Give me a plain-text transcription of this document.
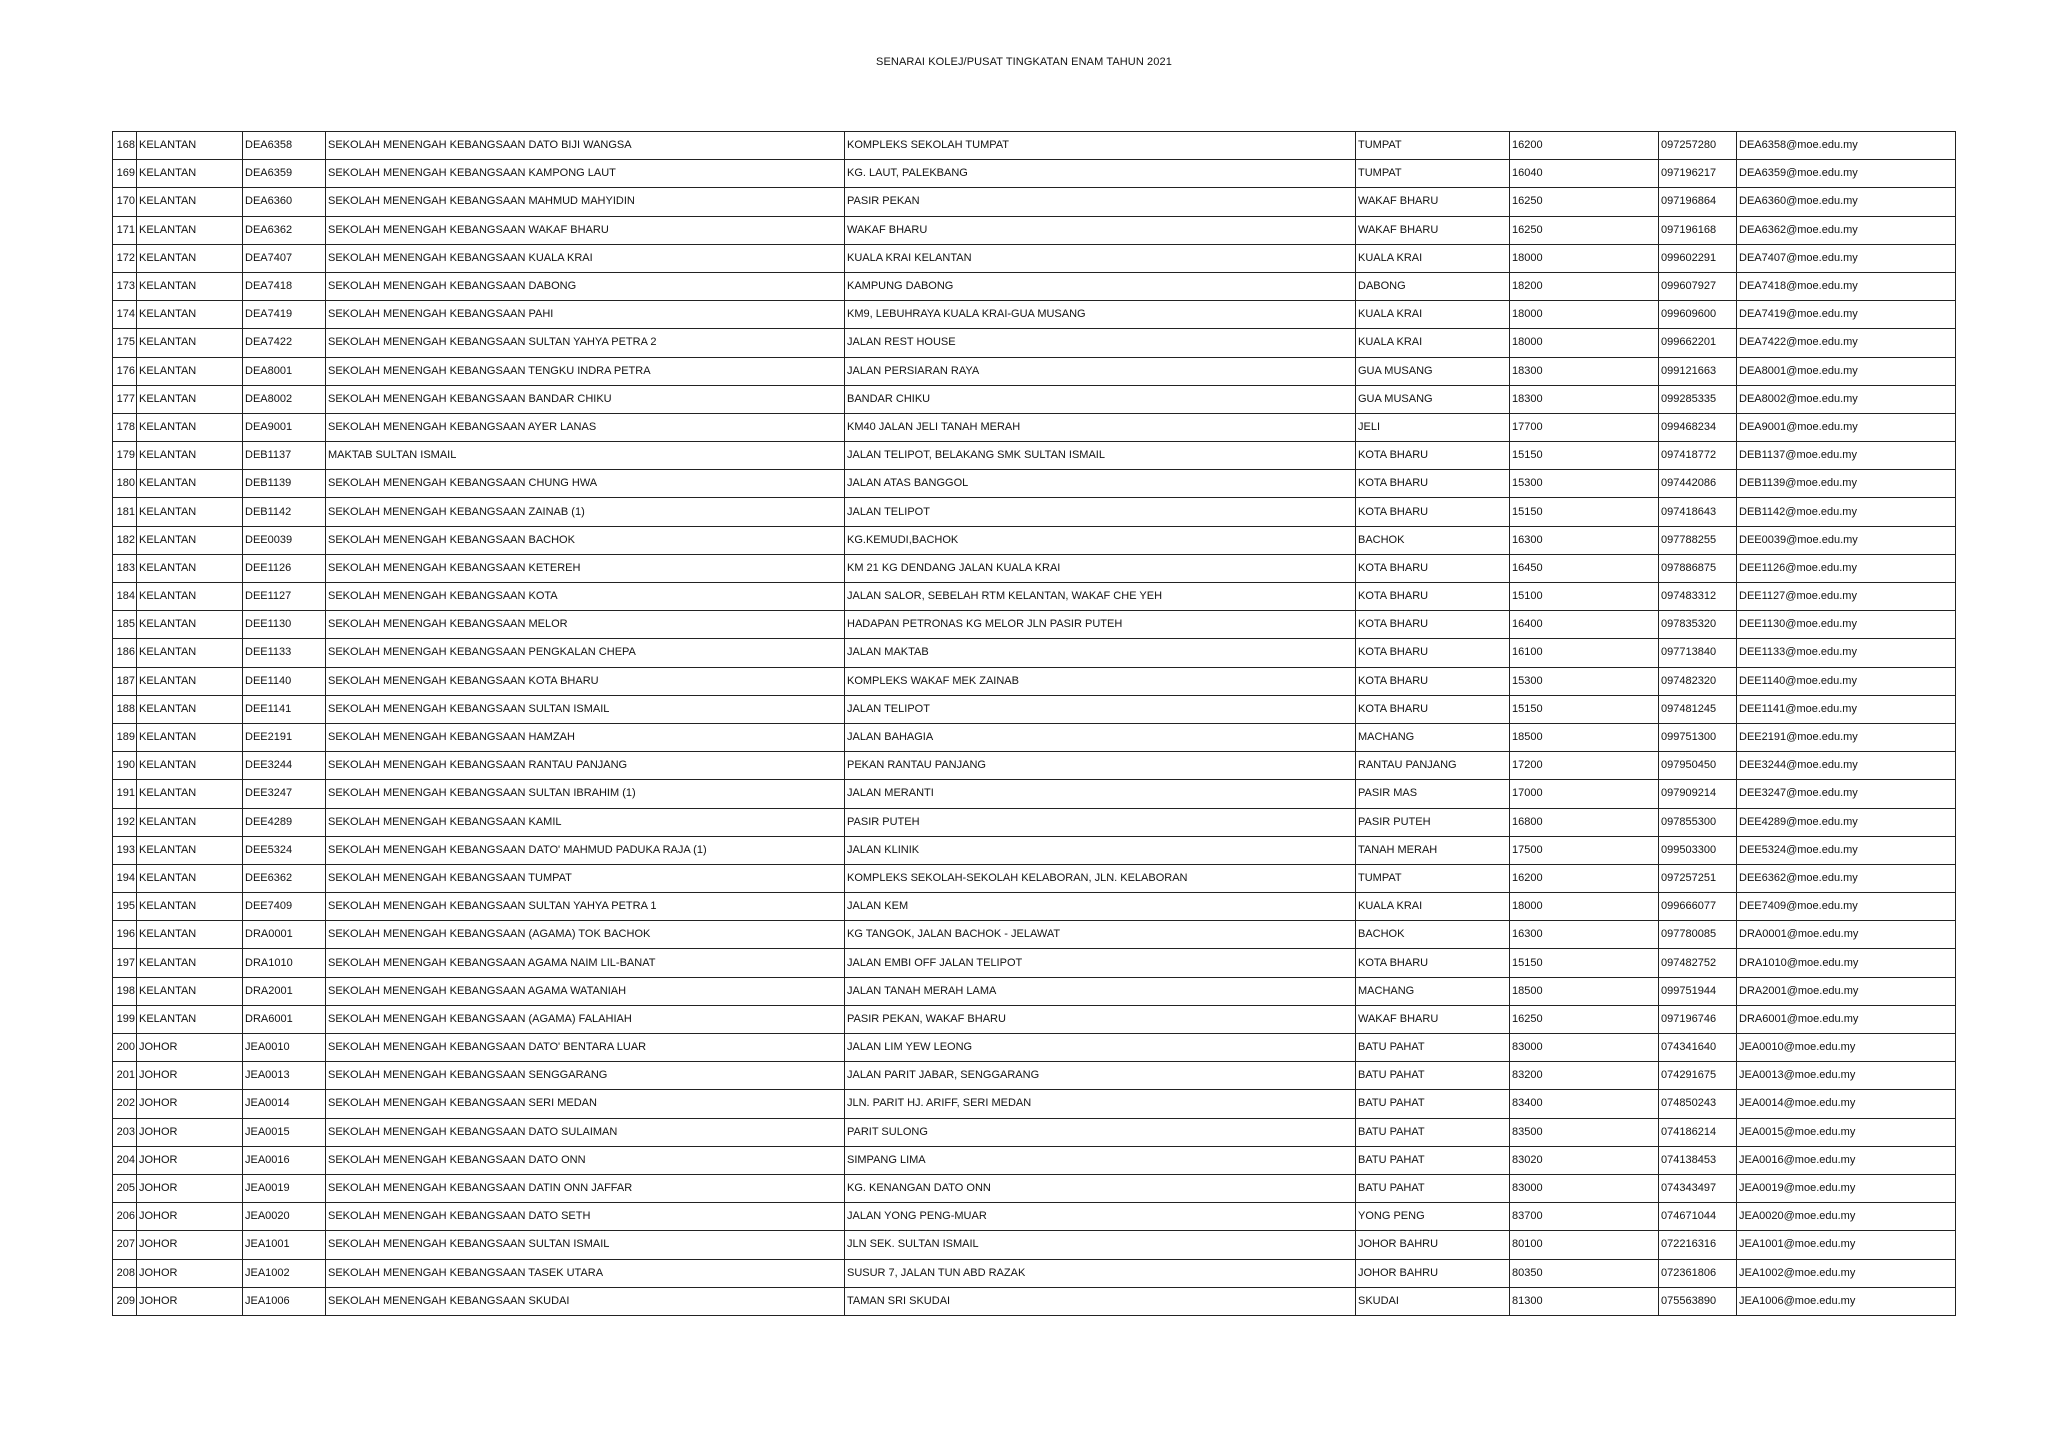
SENARAI KOLEJ/PUSAT TINGKATAN ENAM TAHUN 2021
168	KELANTAN	DEA6358	SEKOLAH MENENGAH KEBANGSAAN DATO BIJI WANGSA	KOMPLEKS SEKOLAH TUMPAT	TUMPAT	16200	097257280	DEA6358@moe.edu.my
169	KELANTAN	DEA6359	SEKOLAH MENENGAH KEBANGSAAN KAMPONG LAUT	KG. LAUT, PALEKBANG	TUMPAT	16040	097196217	DEA6359@moe.edu.my
170	KELANTAN	DEA6360	SEKOLAH MENENGAH KEBANGSAAN MAHMUD MAHYIDIN	PASIR PEKAN	WAKAF BHARU	16250	097196864	DEA6360@moe.edu.my
171	KELANTAN	DEA6362	SEKOLAH MENENGAH KEBANGSAAN WAKAF BHARU	WAKAF BHARU	WAKAF BHARU	16250	097196168	DEA6362@moe.edu.my
172	KELANTAN	DEA7407	SEKOLAH MENENGAH KEBANGSAAN KUALA KRAI	KUALA KRAI KELANTAN	KUALA KRAI	18000	099602291	DEA7407@moe.edu.my
173	KELANTAN	DEA7418	SEKOLAH MENENGAH KEBANGSAAN DABONG	KAMPUNG DABONG	DABONG	18200	099607927	DEA7418@moe.edu.my
174	KELANTAN	DEA7419	SEKOLAH MENENGAH KEBANGSAAN PAHI	KM9, LEBUHRAYA KUALA KRAI-GUA MUSANG	KUALA KRAI	18000	099609600	DEA7419@moe.edu.my
175	KELANTAN	DEA7422	SEKOLAH MENENGAH KEBANGSAAN SULTAN YAHYA PETRA 2	JALAN REST HOUSE	KUALA KRAI	18000	099662201	DEA7422@moe.edu.my
176	KELANTAN	DEA8001	SEKOLAH MENENGAH KEBANGSAAN TENGKU INDRA PETRA	JALAN PERSIARAN RAYA	GUA MUSANG	18300	099121663	DEA8001@moe.edu.my
177	KELANTAN	DEA8002	SEKOLAH MENENGAH KEBANGSAAN BANDAR CHIKU	BANDAR CHIKU	GUA MUSANG	18300	099285335	DEA8002@moe.edu.my
178	KELANTAN	DEA9001	SEKOLAH MENENGAH KEBANGSAAN AYER LANAS	KM40 JALAN JELI TANAH MERAH	JELI	17700	099468234	DEA9001@moe.edu.my
179	KELANTAN	DEB1137	MAKTAB SULTAN ISMAIL	JALAN TELIPOT, BELAKANG SMK SULTAN ISMAIL	KOTA BHARU	15150	097418772	DEB1137@moe.edu.my
180	KELANTAN	DEB1139	SEKOLAH MENENGAH KEBANGSAAN CHUNG HWA	JALAN ATAS BANGGOL	KOTA BHARU	15300	097442086	DEB1139@moe.edu.my
181	KELANTAN	DEB1142	SEKOLAH MENENGAH KEBANGSAAN ZAINAB (1)	JALAN TELIPOT	KOTA BHARU	15150	097418643	DEB1142@moe.edu.my
182	KELANTAN	DEE0039	SEKOLAH MENENGAH KEBANGSAAN BACHOK	KG.KEMUDI,BACHOK	BACHOK	16300	097788255	DEE0039@moe.edu.my
183	KELANTAN	DEE1126	SEKOLAH MENENGAH KEBANGSAAN KETEREH	KM 21 KG DENDANG JALAN KUALA KRAI	KOTA BHARU	16450	097886875	DEE1126@moe.edu.my
184	KELANTAN	DEE1127	SEKOLAH MENENGAH KEBANGSAAN KOTA	JALAN SALOR, SEBELAH RTM KELANTAN, WAKAF CHE YEH	KOTA BHARU	15100	097483312	DEE1127@moe.edu.my
185	KELANTAN	DEE1130	SEKOLAH MENENGAH KEBANGSAAN MELOR	HADAPAN PETRONAS KG MELOR JLN PASIR PUTEH	KOTA BHARU	16400	097835320	DEE1130@moe.edu.my
186	KELANTAN	DEE1133	SEKOLAH MENENGAH KEBANGSAAN PENGKALAN CHEPA	JALAN MAKTAB	KOTA BHARU	16100	097713840	DEE1133@moe.edu.my
187	KELANTAN	DEE1140	SEKOLAH MENENGAH KEBANGSAAN KOTA BHARU	KOMPLEKS WAKAF MEK ZAINAB	KOTA BHARU	15300	097482320	DEE1140@moe.edu.my
188	KELANTAN	DEE1141	SEKOLAH MENENGAH KEBANGSAAN SULTAN ISMAIL	JALAN TELIPOT	KOTA BHARU	15150	097481245	DEE1141@moe.edu.my
189	KELANTAN	DEE2191	SEKOLAH MENENGAH KEBANGSAAN HAMZAH	JALAN BAHAGIA	MACHANG	18500	099751300	DEE2191@moe.edu.my
190	KELANTAN	DEE3244	SEKOLAH MENENGAH KEBANGSAAN RANTAU PANJANG	PEKAN RANTAU PANJANG	RANTAU PANJANG	17200	097950450	DEE3244@moe.edu.my
191	KELANTAN	DEE3247	SEKOLAH MENENGAH KEBANGSAAN SULTAN IBRAHIM (1)	JALAN MERANTI	PASIR MAS	17000	097909214	DEE3247@moe.edu.my
192	KELANTAN	DEE4289	SEKOLAH MENENGAH KEBANGSAAN KAMIL	PASIR PUTEH	PASIR PUTEH	16800	097855300	DEE4289@moe.edu.my
193	KELANTAN	DEE5324	SEKOLAH MENENGAH KEBANGSAAN DATO' MAHMUD PADUKA RAJA (1)	JALAN KLINIK	TANAH MERAH	17500	099503300	DEE5324@moe.edu.my
194	KELANTAN	DEE6362	SEKOLAH MENENGAH KEBANGSAAN TUMPAT	KOMPLEKS SEKOLAH-SEKOLAH KELABORAN, JLN. KELABORAN	TUMPAT	16200	097257251	DEE6362@moe.edu.my
195	KELANTAN	DEE7409	SEKOLAH MENENGAH KEBANGSAAN SULTAN YAHYA PETRA 1	JALAN KEM	KUALA KRAI	18000	099666077	DEE7409@moe.edu.my
196	KELANTAN	DRA0001	SEKOLAH MENENGAH KEBANGSAAN (AGAMA) TOK BACHOK	KG TANGOK, JALAN BACHOK - JELAWAT	BACHOK	16300	097780085	DRA0001@moe.edu.my
197	KELANTAN	DRA1010	SEKOLAH MENENGAH KEBANGSAAN AGAMA NAIM LIL-BANAT	JALAN EMBI OFF JALAN TELIPOT	KOTA BHARU	15150	097482752	DRA1010@moe.edu.my
198	KELANTAN	DRA2001	SEKOLAH MENENGAH KEBANGSAAN AGAMA WATANIAH	JALAN TANAH MERAH LAMA	MACHANG	18500	099751944	DRA2001@moe.edu.my
199	KELANTAN	DRA6001	SEKOLAH MENENGAH KEBANGSAAN (AGAMA) FALAHIAH	PASIR PEKAN, WAKAF BHARU	WAKAF BHARU	16250	097196746	DRA6001@moe.edu.my
200	JOHOR	JEA0010	SEKOLAH MENENGAH KEBANGSAAN DATO' BENTARA LUAR	JALAN LIM YEW LEONG	BATU PAHAT	83000	074341640	JEA0010@moe.edu.my
201	JOHOR	JEA0013	SEKOLAH MENENGAH KEBANGSAAN SENGGARANG	JALAN PARIT JABAR, SENGGARANG	BATU PAHAT	83200	074291675	JEA0013@moe.edu.my
202	JOHOR	JEA0014	SEKOLAH MENENGAH KEBANGSAAN SERI MEDAN	JLN. PARIT HJ. ARIFF, SERI MEDAN	BATU PAHAT	83400	074850243	JEA0014@moe.edu.my
203	JOHOR	JEA0015	SEKOLAH MENENGAH KEBANGSAAN DATO SULAIMAN	PARIT SULONG	BATU PAHAT	83500	074186214	JEA0015@moe.edu.my
204	JOHOR	JEA0016	SEKOLAH MENENGAH KEBANGSAAN DATO ONN	SIMPANG LIMA	BATU PAHAT	83020	074138453	JEA0016@moe.edu.my
205	JOHOR	JEA0019	SEKOLAH MENENGAH KEBANGSAAN DATIN ONN JAFFAR	KG. KENANGAN DATO ONN	BATU PAHAT	83000	074343497	JEA0019@moe.edu.my
206	JOHOR	JEA0020	SEKOLAH MENENGAH KEBANGSAAN DATO SETH	JALAN YONG PENG-MUAR	YONG PENG	83700	074671044	JEA0020@moe.edu.my
207	JOHOR	JEA1001	SEKOLAH MENENGAH KEBANGSAAN SULTAN ISMAIL	JLN SEK. SULTAN ISMAIL	JOHOR BAHRU	80100	072216316	JEA1001@moe.edu.my
208	JOHOR	JEA1002	SEKOLAH MENENGAH KEBANGSAAN TASEK UTARA	SUSUR 7, JALAN TUN ABD RAZAK	JOHOR BAHRU	80350	072361806	JEA1002@moe.edu.my
209	JOHOR	JEA1006	SEKOLAH MENENGAH KEBANGSAAN SKUDAI	TAMAN SRI SKUDAI	SKUDAI	81300	075563890	JEA1006@moe.edu.my
